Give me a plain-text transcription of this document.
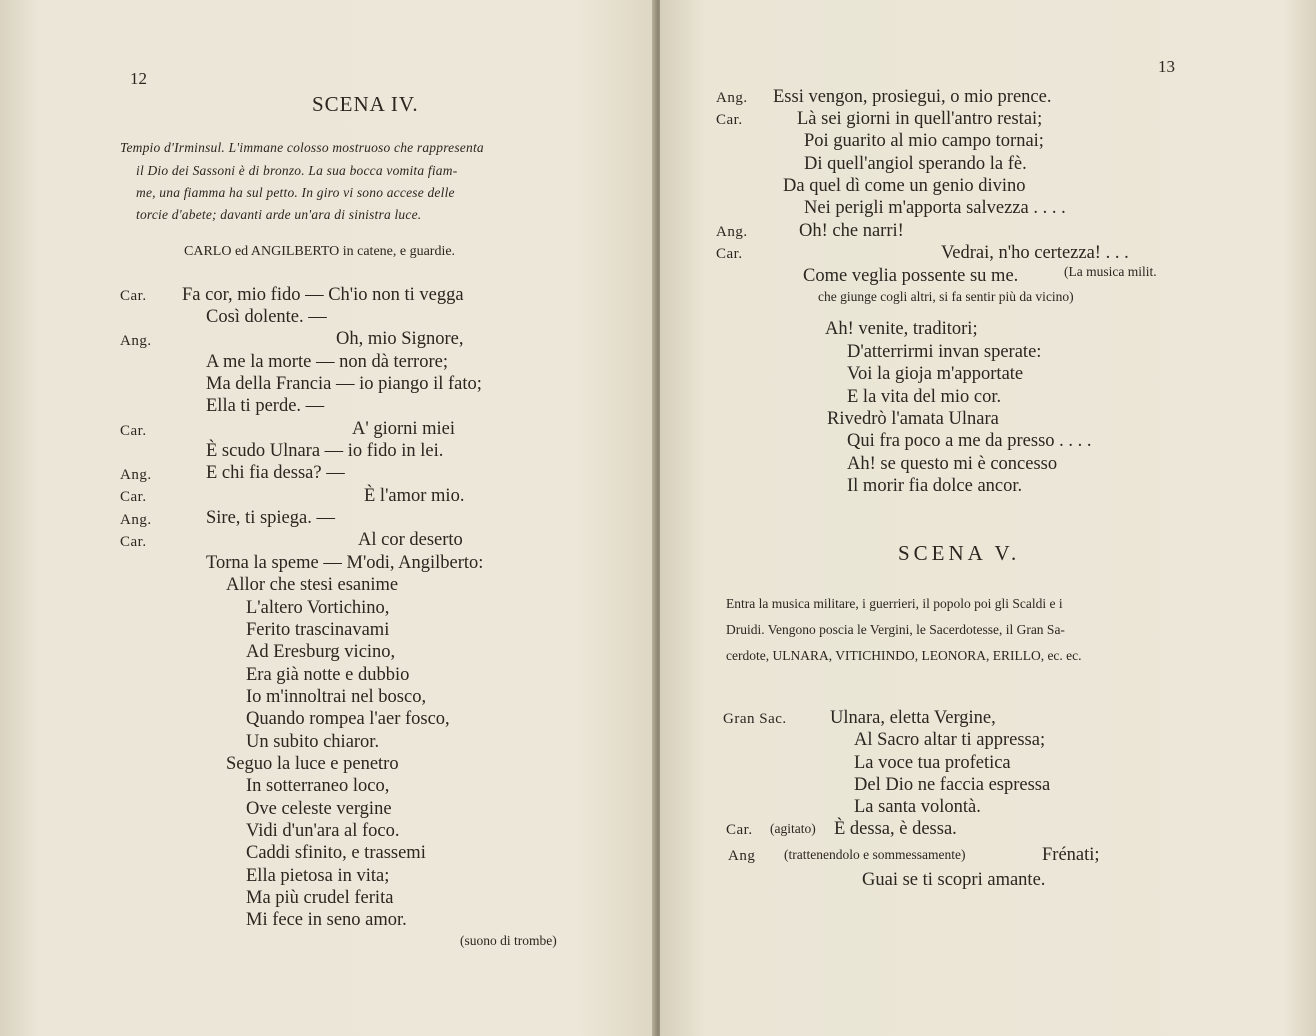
12
SCENA IV.
Tempio d'Irminsul. L'immane colosso mostruoso che rappresenta
il Dio dei Sassoni è di bronzo. La sua bocca vomita fiam-
me, una fiamma ha sul petto. In giro vi sono accese delle
torcie d'abete; davanti arde un'ara di sinistra luce.
CARLO ed ANGILBERTO in catene, e guardie.
Car.
Ang.
Car.
Ang.
Car.
Ang.
Car.
Fa cor, mio fido — Ch'io non ti vegga
Così dolente. —
Oh, mio Signore,
A me la morte — non dà terrore;
Ma della Francia — io piango il fato;
Ella ti perde. —
A' giorni miei
È scudo Ulnara — io fido in lei.
E chi fia dessa? —
È l'amor mio.
Sire, ti spiega. —
Al cor deserto
Torna la speme — M'odi, Angilberto:
Allor che stesi esanime
L'altero Vortichino,
Ferito trascinavami
Ad Eresburg vicino,
Era già notte e dubbio
Io m'innoltrai nel bosco,
Quando rompea l'aer fosco,
Un subito chiaror.
Seguo la luce e penetro
In sotterraneo loco,
Ove celeste vergine
Vidi d'un'ara al foco.
Caddi sfinito, e trassemi
Ella pietosa in vita;
Ma più crudel ferita
Mi fece in seno amor.
(suono di trombe)
13
Ang.
Car.
Ang.
Car.
Essi vengon, prosiegui, o mio prence.
Là sei giorni in quell'antro restai;
Poi guarito al mio campo tornai;
Di quell'angiol sperando la fè.
Da quel dì come un genio divino
Nei perigli m'apporta salvezza . . . .
Oh! che narri!
Vedrai, n'ho certezza! . . .
Come veglia possente su me.	(La musica milit.
che giunge cogli altri, si fa sentir più da vicino)
Ah! venite, traditori;
D'atterrirmi invan sperate:
Voi la gioja m'apportate
E la vita del mio cor.
Rivedrò l'amata Ulnara
Qui fra poco a me da presso . . . .
Ah! se questo mi è concesso
Il morir fia dolce ancor.
SCENA V.
Entra la musica militare, i guerrieri, il popolo poi gli Scaldi e i
Druidi. Vengono poscia le Vergini, le Sacerdotesse, il Gran Sa-
cerdote, ULNARA, VITICHINDO, LEONORA, ERILLO, ec. ec.
Gran Sac.
Car.
Ang
Ulnara, eletta Vergine,
Al Sacro altar ti appressa;
La voce tua profetica
Del Dio ne faccia espressa
La santa volontà.
(agitato) È dessa, è dessa.
(trattenendolo e sommessamente)	Frénati;
Guai se ti scopri amante.
